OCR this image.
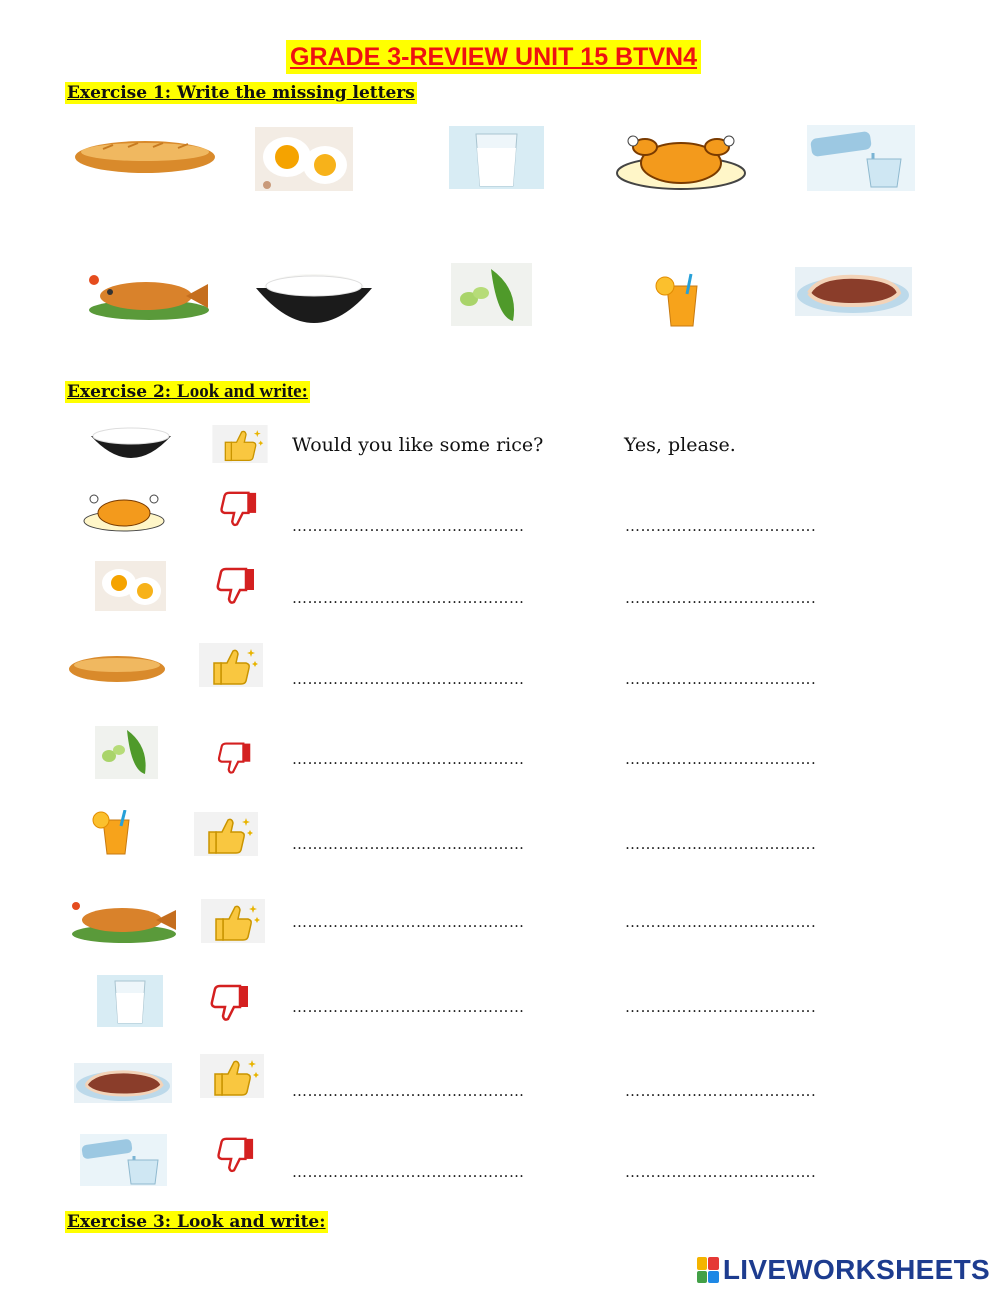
GRADE 3-REVIEW UNIT 15 BTVN4
Exercise 1: Write the missing letters
Exercise 2: Look and write:
Would you like some rice?	Yes, please.
………………………………………	……………………………….
………………………………………	……………………………….
………………………………………	……………………………….
………………………………………	……………………………….
………………………………………	……………………………….
………………………………………	……………………………….
………………………………………	……………………………….
………………………………………	……………………………….
………………………………………	……………………………….
Exercise 3: Look and write:
LIVEWORKSHEETS
